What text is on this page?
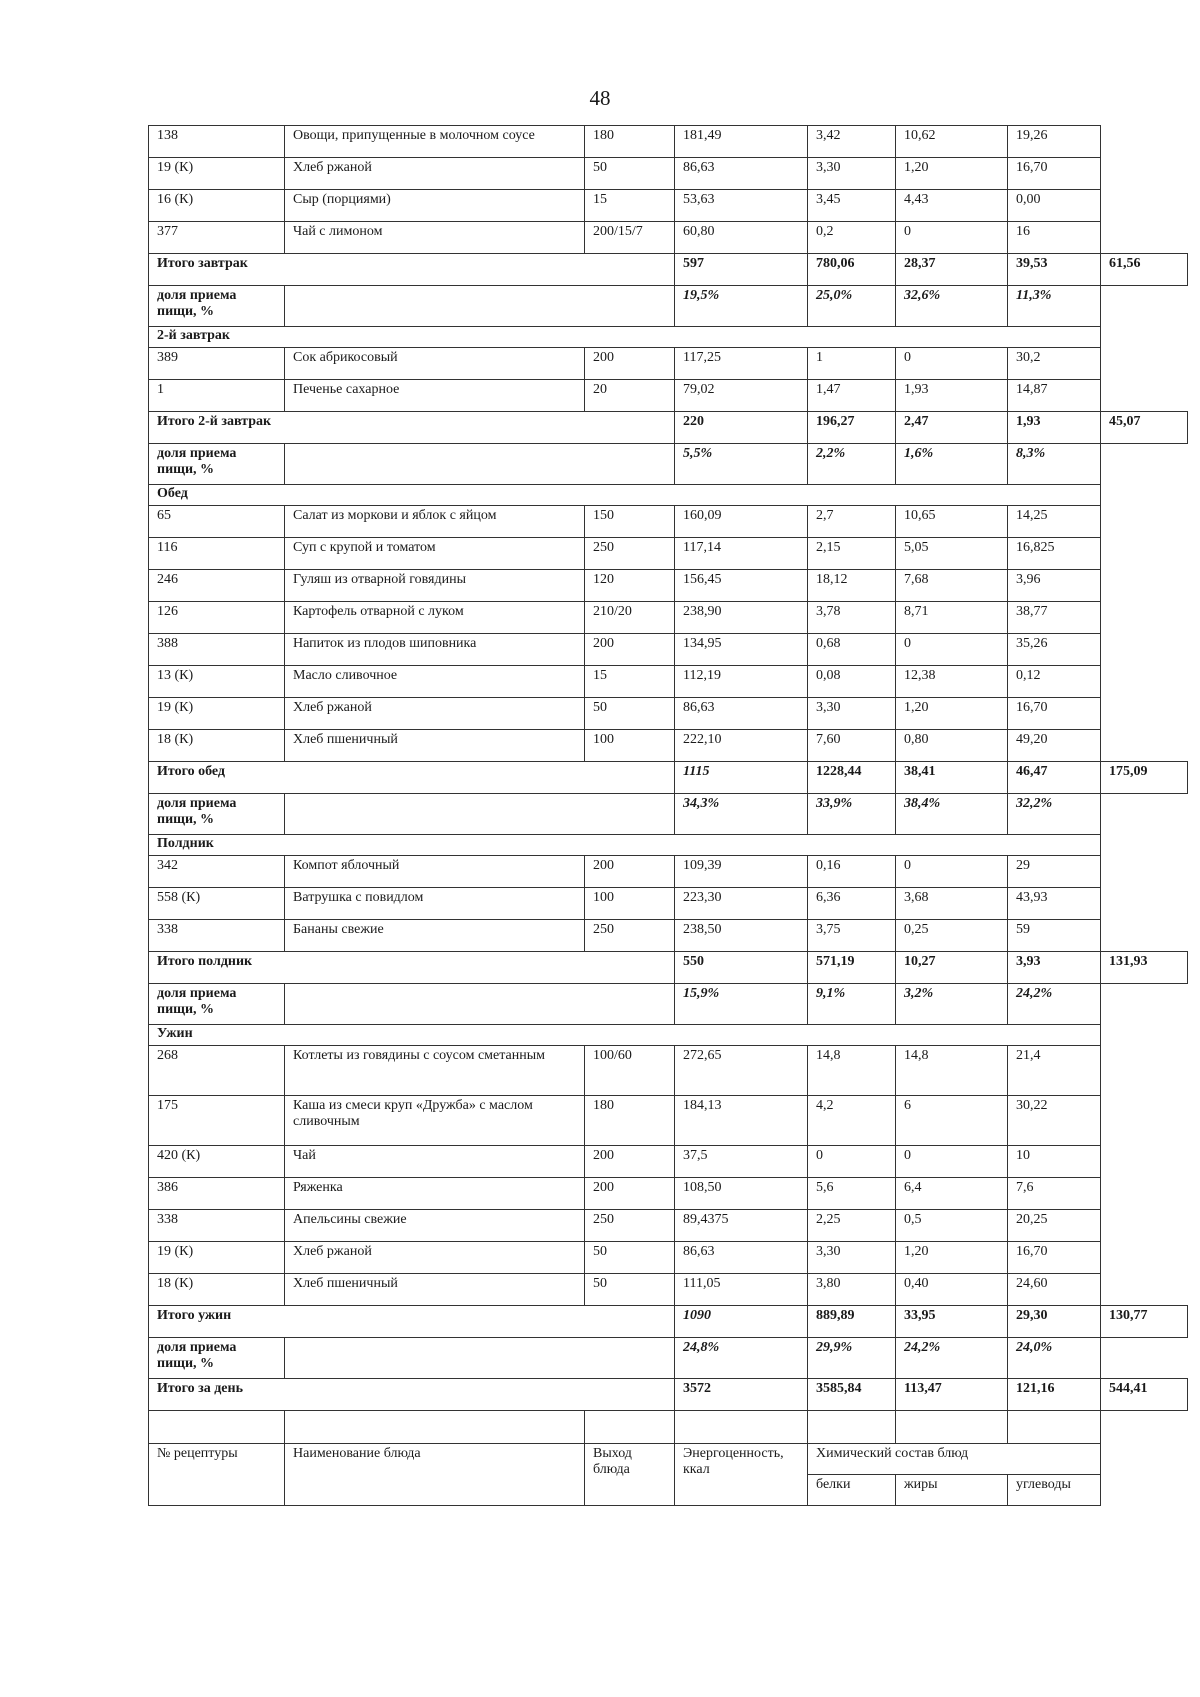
48
138	Овощи, припущенные в молочном соусе	180	181,49	3,42	10,62	19,26	
19 (К)	Хлеб ржаной	50	86,63	3,30	1,20	16,70	
16 (К)	Сыр (порциями)	15	53,63	3,45	4,43	0,00	
377	Чай с лимоном	200/15/7	60,80	0,2	0	16	
Итого завтрак			597	780,06	28,37	39,53	61,56
доля приема пищи, %			19,5%	25,0%	32,6%	11,3%	
2-й завтрак							
389	Сок абрикосовый	200	117,25	1	0	30,2	
1	Печенье сахарное	20	79,02	1,47	1,93	14,87	
Итого 2-й завтрак			220	196,27	2,47	1,93	45,07
доля приема пищи, %			5,5%	2,2%	1,6%	8,3%	
Обед							
65	Салат из моркови и яблок с яйцом	150	160,09	2,7	10,65	14,25	
116	Суп с крупой и томатом	250	117,14	2,15	5,05	16,825	
246	Гуляш из отварной говядины	120	156,45	18,12	7,68	3,96	
126	Картофель отварной с луком	210/20	238,90	3,78	8,71	38,77	
388	Напиток из плодов шиповника	200	134,95	0,68	0	35,26	
13 (К)	Масло сливочное	15	112,19	0,08	12,38	0,12	
19 (К)	Хлеб ржаной	50	86,63	3,30	1,20	16,70	
18 (К)	Хлеб пшеничный	100	222,10	7,60	0,80	49,20	
Итого обед			1115	1228,44	38,41	46,47	175,09
доля приема пищи, %			34,3%	33,9%	38,4%	32,2%	
Полдник							
342	Компот яблочный	200	109,39	0,16	0	29	
558 (К)	Ватрушка с повидлом	100	223,30	6,36	3,68	43,93	
338	Бананы свежие	250	238,50	3,75	0,25	59	
Итого полдник			550	571,19	10,27	3,93	131,93
доля приема пищи, %			15,9%	9,1%	3,2%	24,2%	
Ужин							
268	Котлеты из говядины с соусом сметанным	100/60	272,65	14,8	14,8	21,4	
175	Каша из смеси круп «Дружба» с маслом сливочным	180	184,13	4,2	6	30,22	
420 (К)	Чай	200	37,5	0	0	10	
386	Ряженка	200	108,50	5,6	6,4	7,6	
338	Апельсины свежие	250	89,4375	2,25	0,5	20,25	
19 (К)	Хлеб ржаной	50	86,63	3,30	1,20	16,70	
18 (К)	Хлеб пшеничный	50	111,05	3,80	0,40	24,60	
Итого ужин			1090	889,89	33,95	29,30	130,77
доля приема пищи, %			24,8%	29,9%	24,2%	24,0%	
Итого за день			3572	3585,84	113,47	121,16	544,41

№ рецептуры	Наименование блюда	Выход блюда	Энергоценность, ккал	Химический состав блюд			
				белки	жиры	углеводы	
